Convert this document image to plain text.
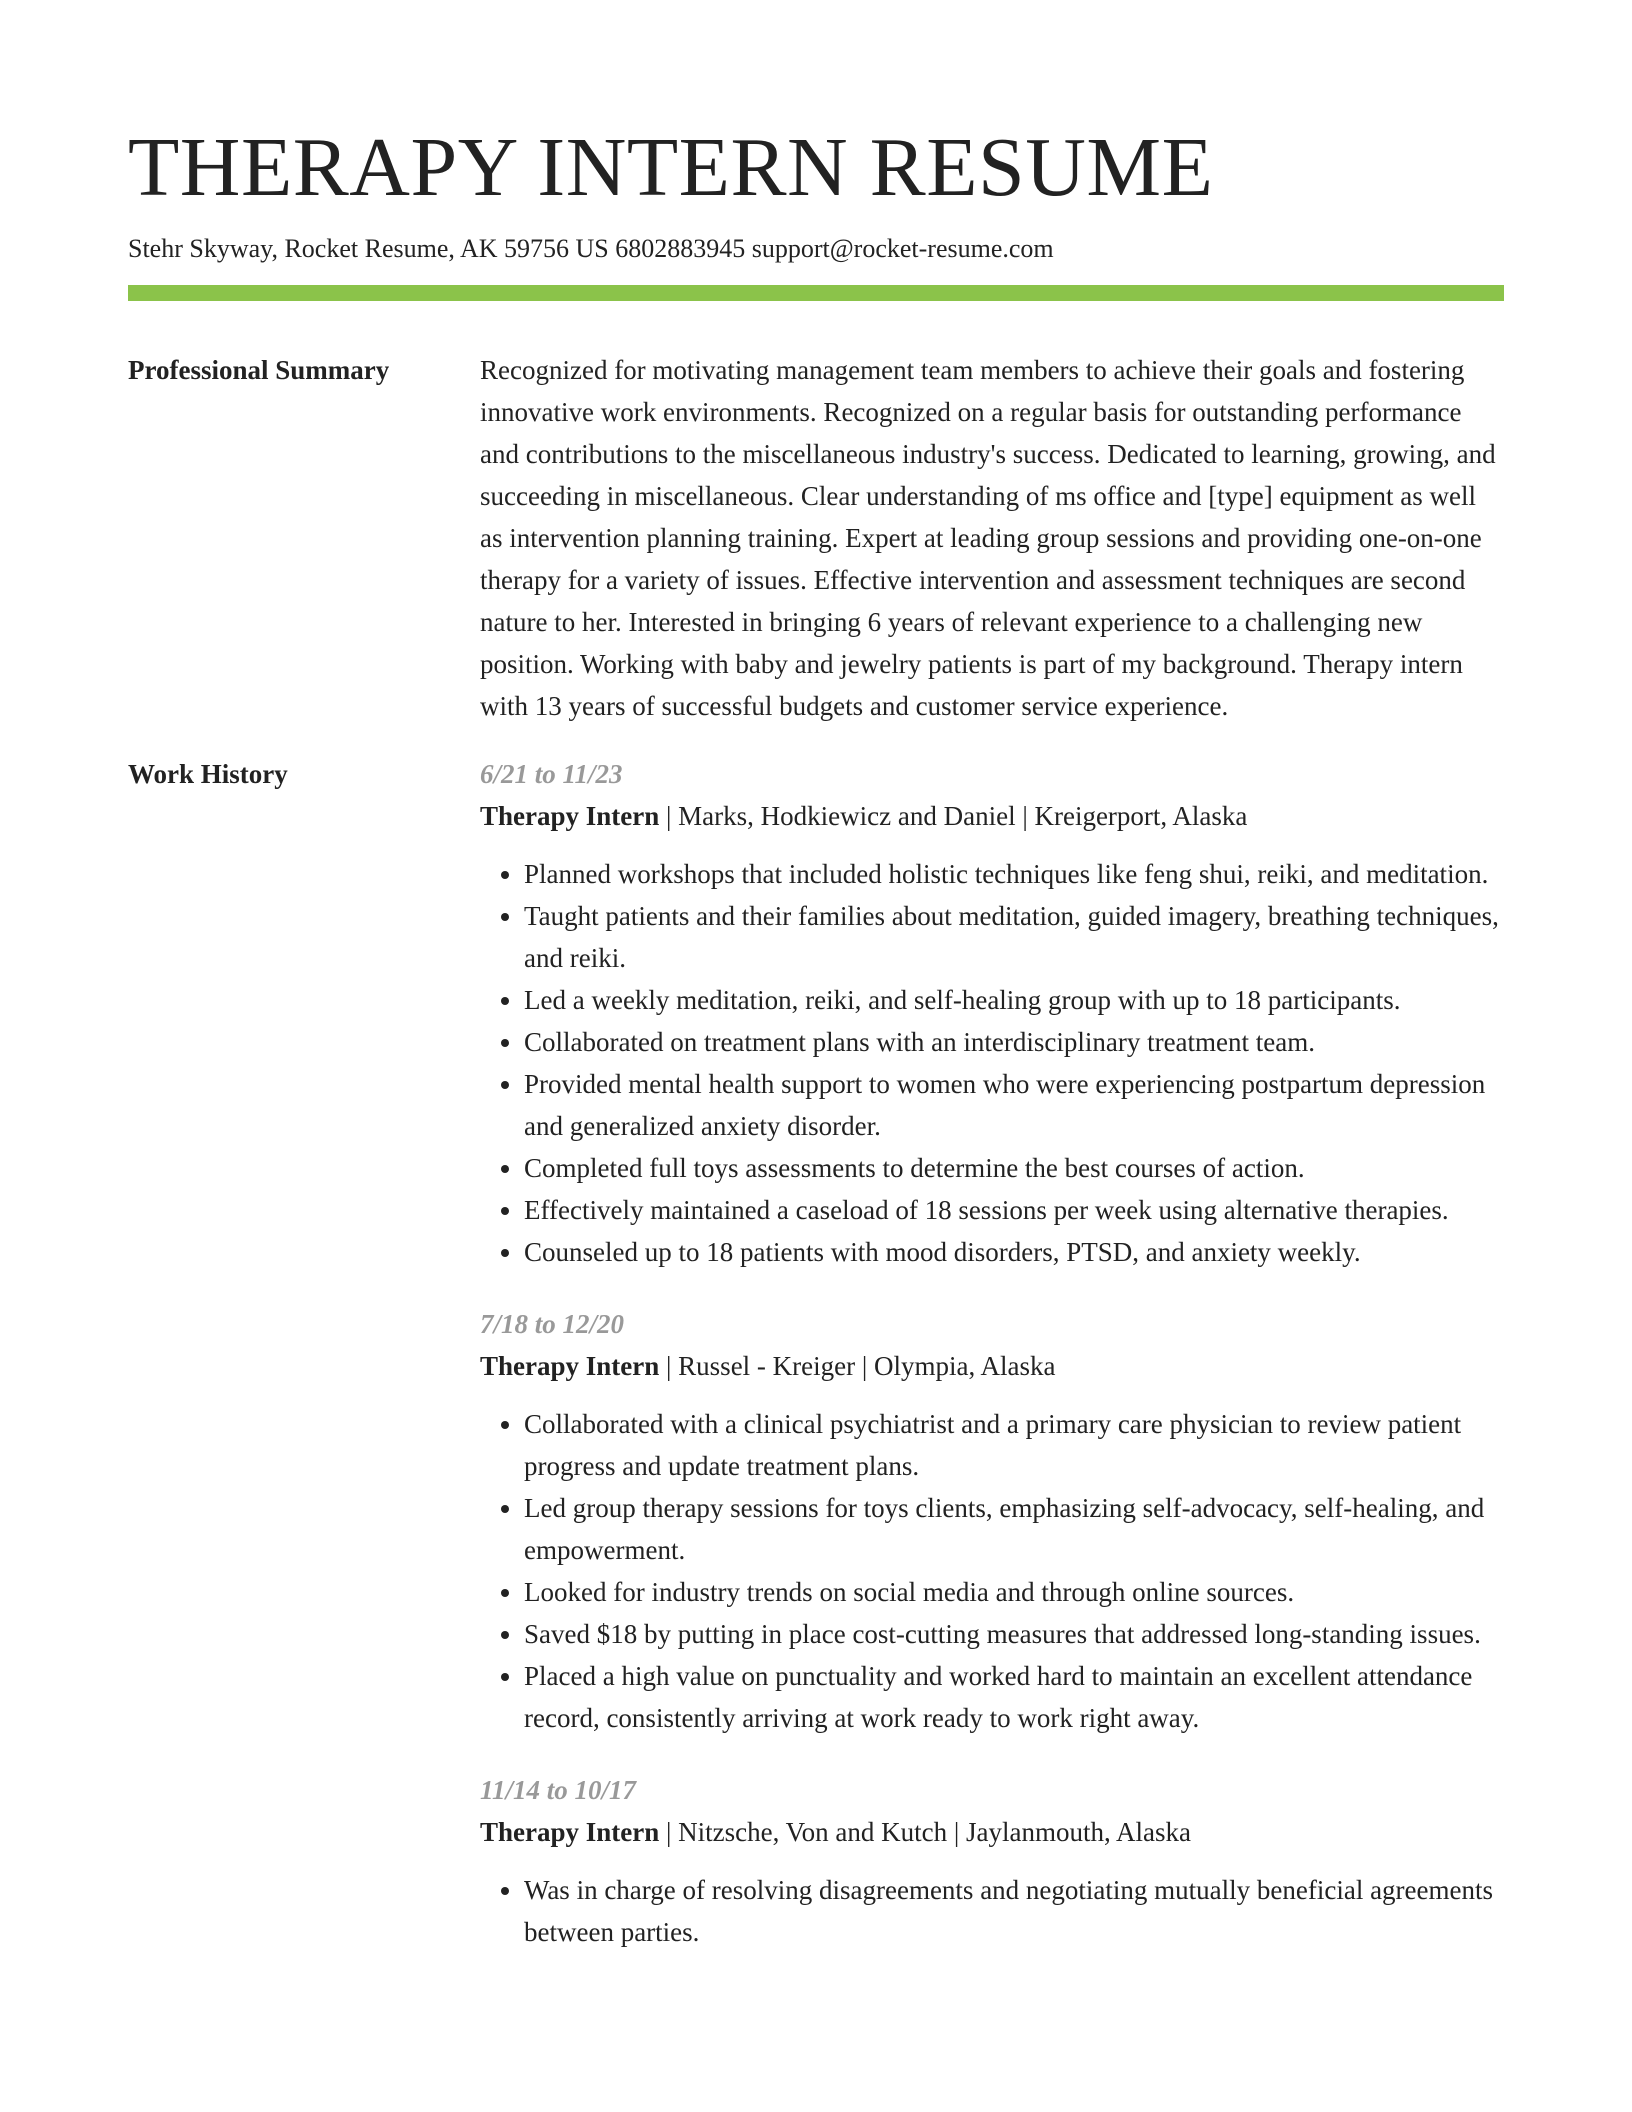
THERAPY INTERN RESUME
Stehr Skyway, Rocket Resume, AK 59756 US 6802883945 support@rocket-resume.com
Professional Summary	Recognized for motivating management team members to achieve their goals and fostering innovative work environments. Recognized on a regular basis for outstanding performance and contributions to the miscellaneous industry's success. Dedicated to learning, growing, and succeeding in miscellaneous. Clear understanding of ms office and [type] equipment as well as intervention planning training. Expert at leading group sessions and providing one-on-one therapy for a variety of issues. Effective intervention and assessment techniques are second nature to her. Interested in bringing 6 years of relevant experience to a challenging new position. Working with baby and jewelry patients is part of my background. Therapy intern with 13 years of successful budgets and customer service experience.

Work History	6/21 to 11/23
Therapy Intern | Marks, Hodkiewicz and Daniel | Kreigerport, Alaska
• Planned workshops that included holistic techniques like feng shui, reiki, and meditation.
• Taught patients and their families about meditation, guided imagery, breathing techniques, and reiki.
• Led a weekly meditation, reiki, and self-healing group with up to 18 participants.
• Collaborated on treatment plans with an interdisciplinary treatment team.
• Provided mental health support to women who were experiencing postpartum depression and generalized anxiety disorder.
• Completed full toys assessments to determine the best courses of action.
• Effectively maintained a caseload of 18 sessions per week using alternative therapies.
• Counseled up to 18 patients with mood disorders, PTSD, and anxiety weekly.
7/18 to 12/20
Therapy Intern | Russel - Kreiger | Olympia, Alaska
• Collaborated with a clinical psychiatrist and a primary care physician to review patient progress and update treatment plans.
• Led group therapy sessions for toys clients, emphasizing self-advocacy, self-healing, and empowerment.
• Looked for industry trends on social media and through online sources.
• Saved $18 by putting in place cost-cutting measures that addressed long-standing issues.
• Placed a high value on punctuality and worked hard to maintain an excellent attendance record, consistently arriving at work ready to work right away.
11/14 to 10/17
Therapy Intern | Nitzsche, Von and Kutch | Jaylanmouth, Alaska
• Was in charge of resolving disagreements and negotiating mutually beneficial agreements between parties.
